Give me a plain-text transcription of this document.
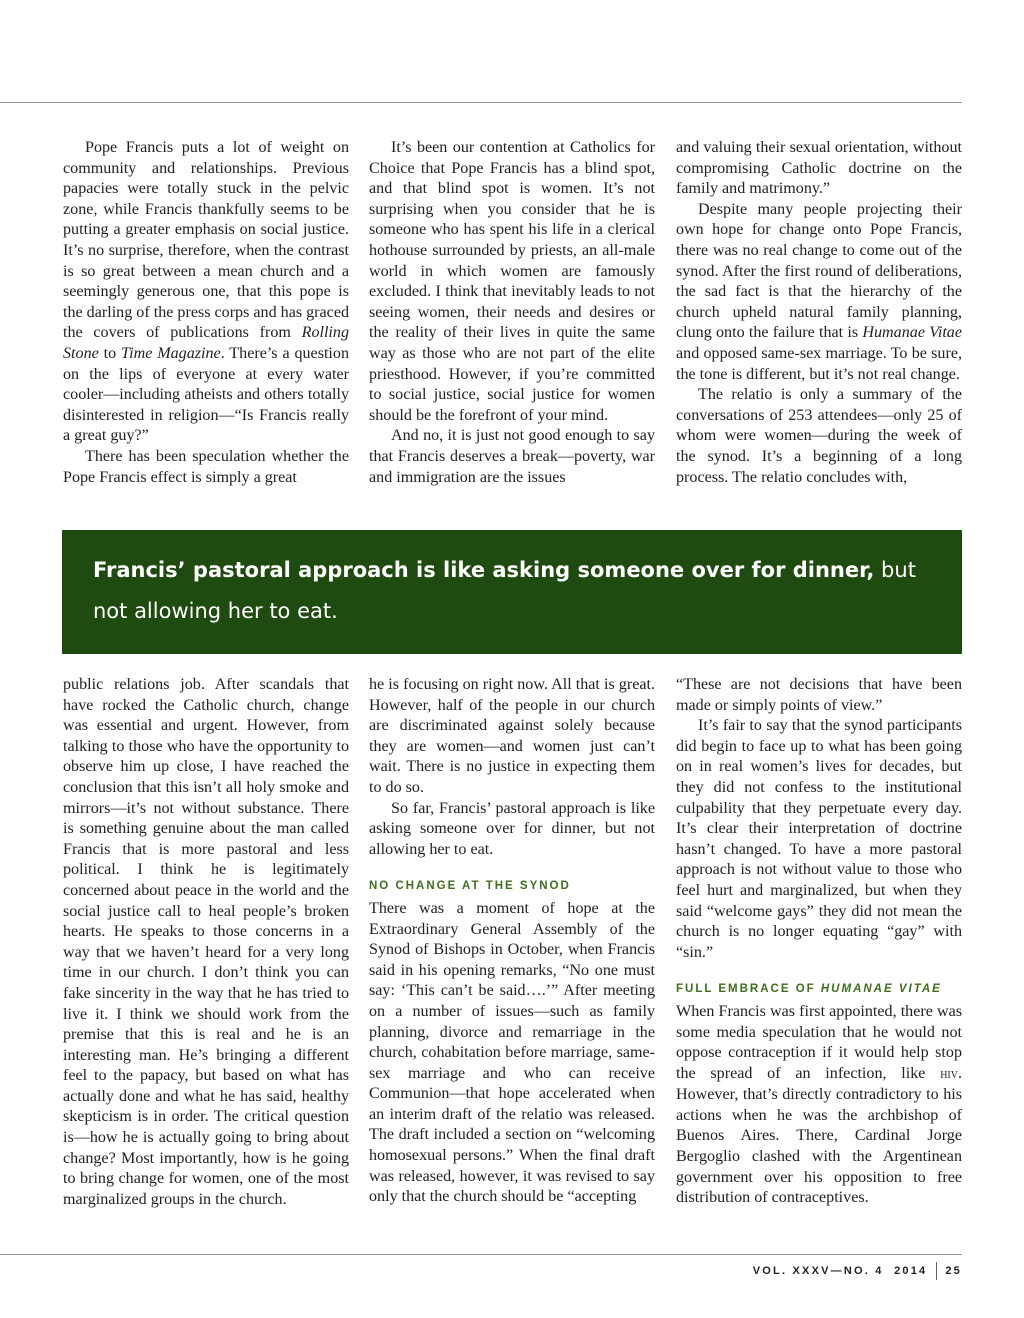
Pope Francis puts a lot of weight on community and relationships. Previous papacies were totally stuck in the pelvic zone, while Francis thankfully seems to be putting a greater emphasis on social justice. It’s no surprise, therefore, when the contrast is so great between a mean church and a seemingly generous one, that this pope is the darling of the press corps and has graced the covers of publications from Rolling Stone to Time Magazine. There’s a question on the lips of everyone at every water cooler—including atheists and others totally disinterested in religion—“Is Francis really a great guy?”

There has been speculation whether the Pope Francis effect is simply a great

It’s been our contention at Catholics for Choice that Pope Francis has a blind spot, and that blind spot is women. It’s not surprising when you consider that he is someone who has spent his life in a clerical hothouse surrounded by priests, an all-male world in which women are famously excluded. I think that inevitably leads to not seeing women, their needs and desires or the reality of their lives in quite the same way as those who are not part of the elite priesthood. However, if you’re committed to social justice, social justice for women should be the forefront of your mind.

And no, it is just not good enough to say that Francis deserves a break—poverty, war and immigration are the issues

and valuing their sexual orientation, without compromising Catholic doctrine on the family and matrimony.”

Despite many people projecting their own hope for change onto Pope Francis, there was no real change to come out of the synod. After the first round of deliberations, the sad fact is that the hierarchy of the church upheld natural family planning, clung onto the failure that is Humanae Vitae and opposed same-sex marriage. To be sure, the tone is different, but it’s not real change.

The relatio is only a summary of the conversations of 253 attendees—only 25 of whom were women—during the week of the synod. It’s a beginning of a long process. The relatio concludes with,

Francis’ pastoral approach is like asking someone over for dinner, but not allowing her to eat.

public relations job. After scandals that have rocked the Catholic church, change was essential and urgent. However, from talking to those who have the opportunity to observe him up close, I have reached the conclusion that this isn’t all holy smoke and mirrors—it’s not without substance. There is something genuine about the man called Francis that is more pastoral and less political. I think he is legitimately concerned about peace in the world and the social justice call to heal people’s broken hearts. He speaks to those concerns in a way that we haven’t heard for a very long time in our church. I don’t think you can fake sincerity in the way that he has tried to live it. I think we should work from the premise that this is real and he is an interesting man. He’s bringing a different feel to the papacy, but based on what has actually done and what he has said, healthy skepticism is in order. The critical question is—how he is actually going to bring about change? Most importantly, how is he going to bring change for women, one of the most marginalized groups in the church.

he is focusing on right now. All that is great. However, half of the people in our church are discriminated against solely because they are women—and women just can’t wait. There is no justice in expecting them to do so.

So far, Francis’ pastoral approach is like asking someone over for dinner, but not allowing her to eat.

NO CHANGE AT THE SYNOD

There was a moment of hope at the Extraordinary General Assembly of the Synod of Bishops in October, when Francis said in his opening remarks, “No one must say: ‘This can’t be said….’” After meeting on a number of issues—such as family planning, divorce and remarriage in the church, cohabitation before marriage, same-sex marriage and who can receive Communion—that hope accelerated when an interim draft of the relatio was released. The draft included a section on “welcoming homosexual persons.” When the final draft was released, however, it was revised to say only that the church should be “accepting

“These are not decisions that have been made or simply points of view.”

It’s fair to say that the synod participants did begin to face up to what has been going on in real women’s lives for decades, but they did not confess to the institutional culpability that they perpetuate every day. It’s clear their interpretation of doctrine hasn’t changed. To have a more pastoral approach is not without value to those who feel hurt and marginalized, but when they said “welcome gays” they did not mean the church is no longer equating “gay” with “sin.”

FULL EMBRACE OF HUMANAE VITAE

When Francis was first appointed, there was some media speculation that he would not oppose contraception if it would help stop the spread of an infection, like hiv. However, that’s directly contradictory to his actions when he was the archbishop of Buenos Aires. There, Cardinal Jorge Bergoglio clashed with the Argentinean government over his opposition to free distribution of contraceptives.

VOL. XXXV—NO. 4  2014 25
